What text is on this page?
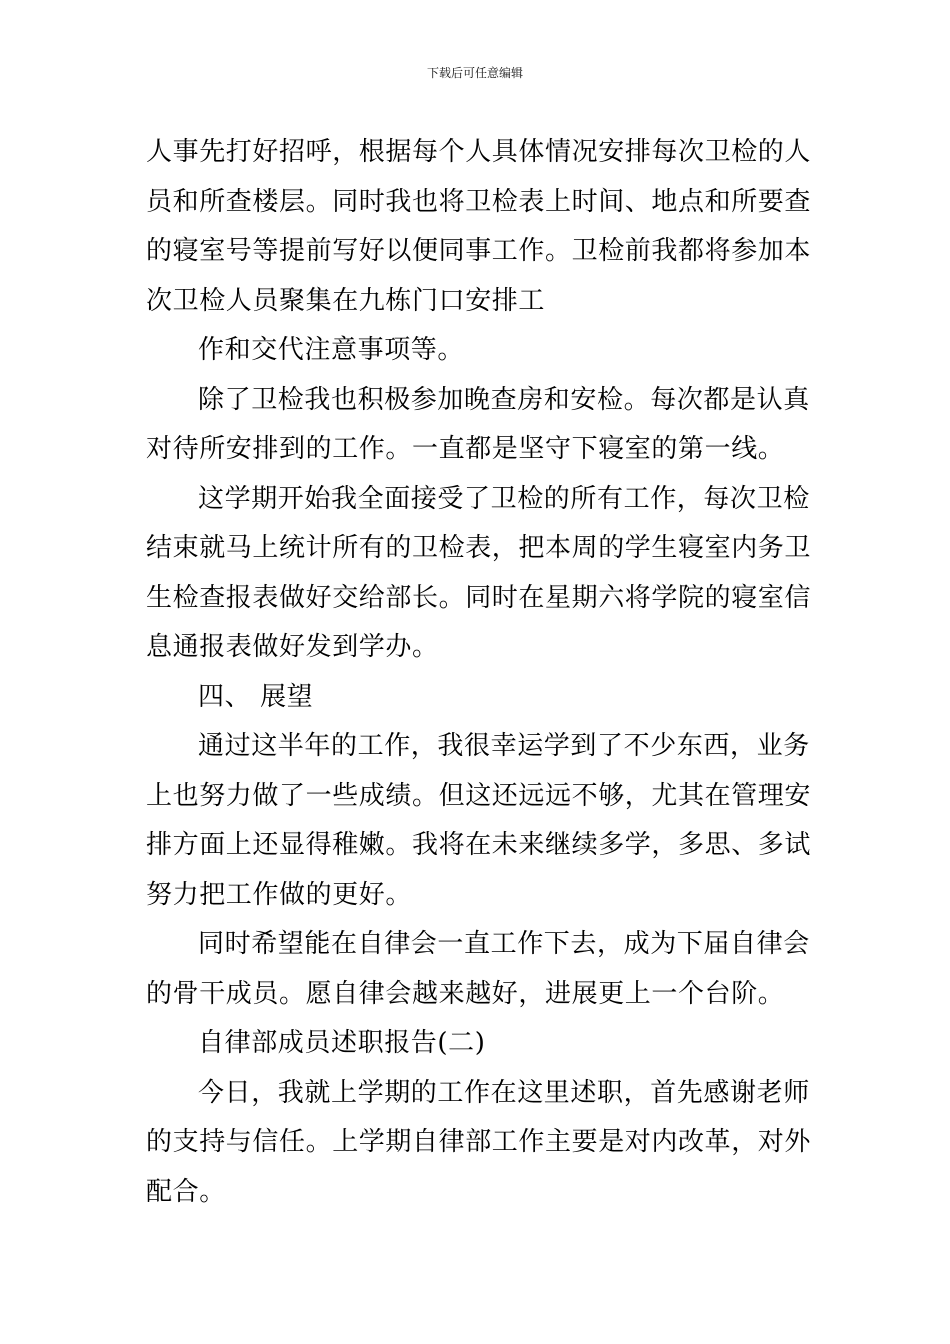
下载后可任意编辑
人事先打好招呼，根据每个人具体情况安排每次卫检的人
员和所查楼层。同时我也将卫检表上时间、地点和所要查
的寝室号等提前写好以便同事工作。卫检前我都将参加本
次卫检人员聚集在九栋门口安排工
作和交代注意事项等。
除了卫检我也积极参加晚查房和安检。每次都是认真
对待所安排到的工作。一直都是坚守下寝室的第一线。
这学期开始我全面接受了卫检的所有工作，每次卫检
结束就马上统计所有的卫检表，把本周的学生寝室内务卫
生检查报表做好交给部长。同时在星期六将学院的寝室信
息通报表做好发到学办。
四、 展望
通过这半年的工作，我很幸运学到了不少东西，业务
上也努力做了一些成绩。但这还远远不够，尤其在管理安
排方面上还显得稚嫩。我将在未来继续多学，多思、多试
努力把工作做的更好。
同时希望能在自律会一直工作下去，成为下届自律会
的骨干成员。愿自律会越来越好，进展更上一个台阶。
自律部成员述职报告(二)
今日，我就上学期的工作在这里述职，首先感谢老师
的支持与信任。上学期自律部工作主要是对内改革，对外
配合。
